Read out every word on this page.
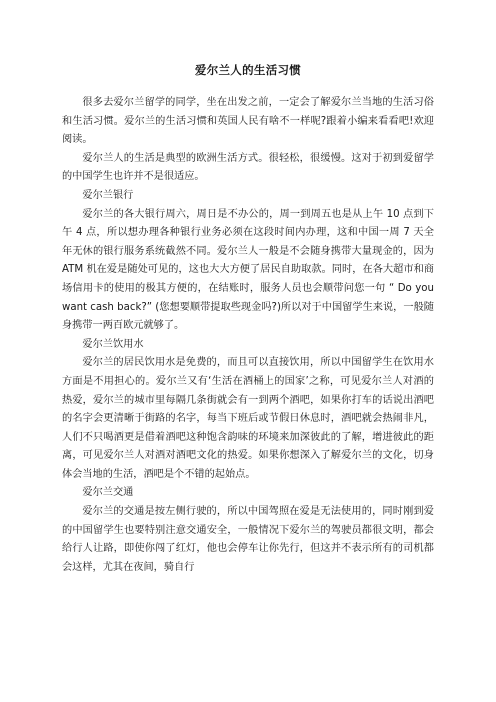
爱尔兰人的生活习惯

很多去爱尔兰留学的同学，坐在出发之前，一定会了解爱尔兰当地的生活习俗和生活习惯。爱尔兰的生活习惯和英国人民有啥不一样呢?跟着小编来看看吧!欢迎阅读。

爱尔兰人的生活是典型的欧洲生活方式。很轻松，很缓慢。这对于初到爱留学的中国学生也许并不是很适应。

爱尔兰银行

爱尔兰的各大银行周六，周日是不办公的，周一到周五也是从上午 10 点到下午 4 点，所以想办理各种银行业务必须在这段时间内办理，这和中国一周 7 天全年无休的银行服务系统截然不同。爱尔兰人一般是不会随身携带大量现金的，因为 ATM 机在爱是随处可见的，这也大大方便了居民自助取款。同时，在各大超市和商场信用卡的使用的极其方便的，在结账时，服务人员也会顺带问您一句 “ Do you want cash back?” (您想要顺带提取些现金吗?)所以对于中国留学生来说，一般随身携带一两百欧元就够了。

爱尔兰饮用水

爱尔兰的居民饮用水是免费的，而且可以直接饮用，所以中国留学生在饮用水方面是不用担心的。爱尔兰又有‘生活在酒桶上的国家’之称，可见爱尔兰人对酒的热爱，爱尔兰的城市里每隔几条街就会有一到两个酒吧，如果你打车的话说出酒吧的名字会更清晰于街路的名字，每当下班后或节假日休息时，酒吧就会热闹非凡，人们不只喝酒更是借着酒吧这种饱含韵味的环境来加深彼此的了解，增进彼此的距离，可见爱尔兰人对酒对酒吧文化的热爱。如果你想深入了解爱尔兰的文化，切身体会当地的生活，酒吧是个不错的起始点。

爱尔兰交通

爱尔兰的交通是按左侧行驶的，所以中国驾照在爱是无法使用的，同时刚到爱的中国留学生也要特别注意交通安全，一般情况下爱尔兰的驾驶员都很文明，都会给行人让路，即使你闯了红灯，他也会停车让你先行，但这并不表示所有的司机都会这样，尤其在夜间，骑自行
